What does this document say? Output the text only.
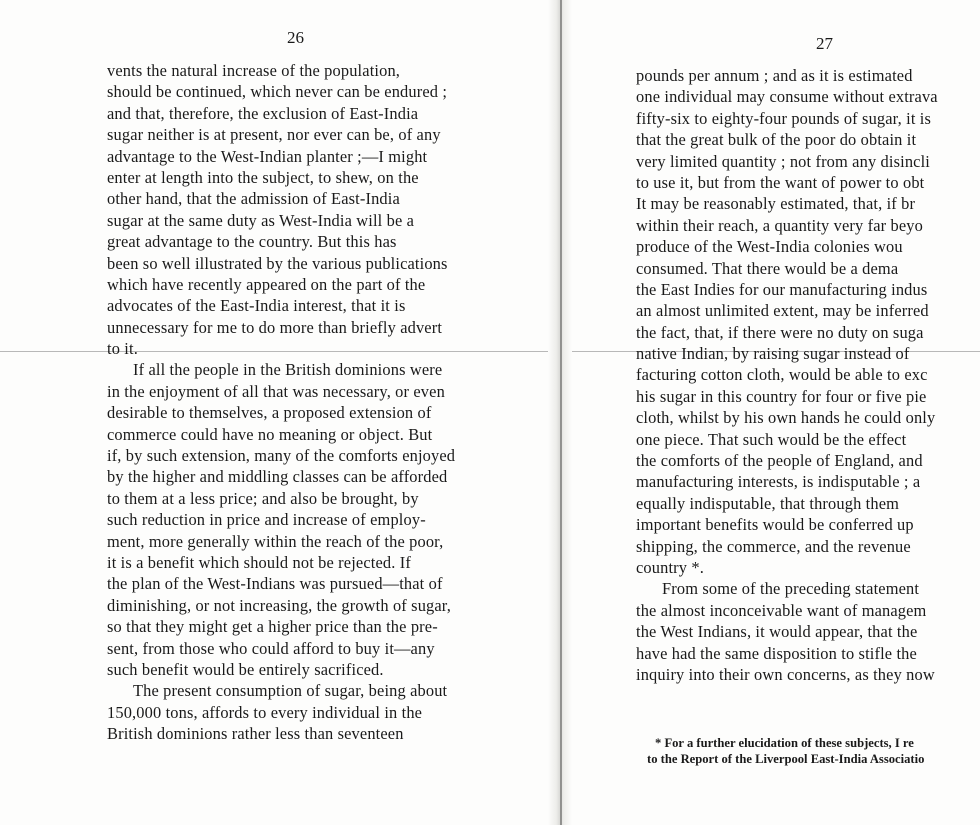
26
vents the natural increase of the population,
should be continued, which never can be endured ;
and that, therefore, the exclusion of East-India
sugar neither is at present, nor ever can be, of any
advantage to the West-Indian planter ;—I might
enter at length into the subject, to shew, on the
other hand, that the admission of East-India
sugar at the same duty as West-India will be a
great advantage to the country. But this has
been so well illustrated by the various publications
which have recently appeared on the part of the
advocates of the East-India interest, that it is
unnecessary for me to do more than briefly advert
to it.
If all the people in the British dominions were
in the enjoyment of all that was necessary, or even
desirable to themselves, a proposed extension of
commerce could have no meaning or object. But
if, by such extension, many of the comforts enjoyed
by the higher and middling classes can be afforded
to them at a less price; and also be brought, by
such reduction in price and increase of employ-
ment, more generally within the reach of the poor,
it is a benefit which should not be rejected. If
the plan of the West-Indians was pursued—that of
diminishing, or not increasing, the growth of sugar,
so that they might get a higher price than the pre-
sent, from those who could afford to buy it—any
such benefit would be entirely sacrificed.
The present consumption of sugar, being about
150,000 tons, affords to every individual in the
British dominions rather less than seventeen
27
pounds per annum ; and as it is estimated
one individual may consume without extrava
fifty-six to eighty-four pounds of sugar, it is
that the great bulk of the poor do obtain it
very limited quantity ; not from any disincli
to use it, but from the want of power to obt
It may be reasonably estimated, that, if br
within their reach, a quantity very far beyo
produce of the West-India colonies wou
consumed. That there would be a dema
the East Indies for our manufacturing indus
an almost unlimited extent, may be inferred
the fact, that, if there were no duty on suga
native Indian, by raising sugar instead of
facturing cotton cloth, would be able to exc
his sugar in this country for four or five pie
cloth, whilst by his own hands he could only
one piece. That such would be the effect
the comforts of the people of England, and
manufacturing interests, is indisputable ; a
equally indisputable, that through them
important benefits would be conferred up
shipping, the commerce, and the revenue
country *.
From some of the preceding statement
the almost inconceivable want of managem
the West Indians, it would appear, that the
have had the same disposition to stifle the
inquiry into their own concerns, as they now
* For a further elucidation of these subjects, I re
to the Report of the Liverpool East-India Associatio
